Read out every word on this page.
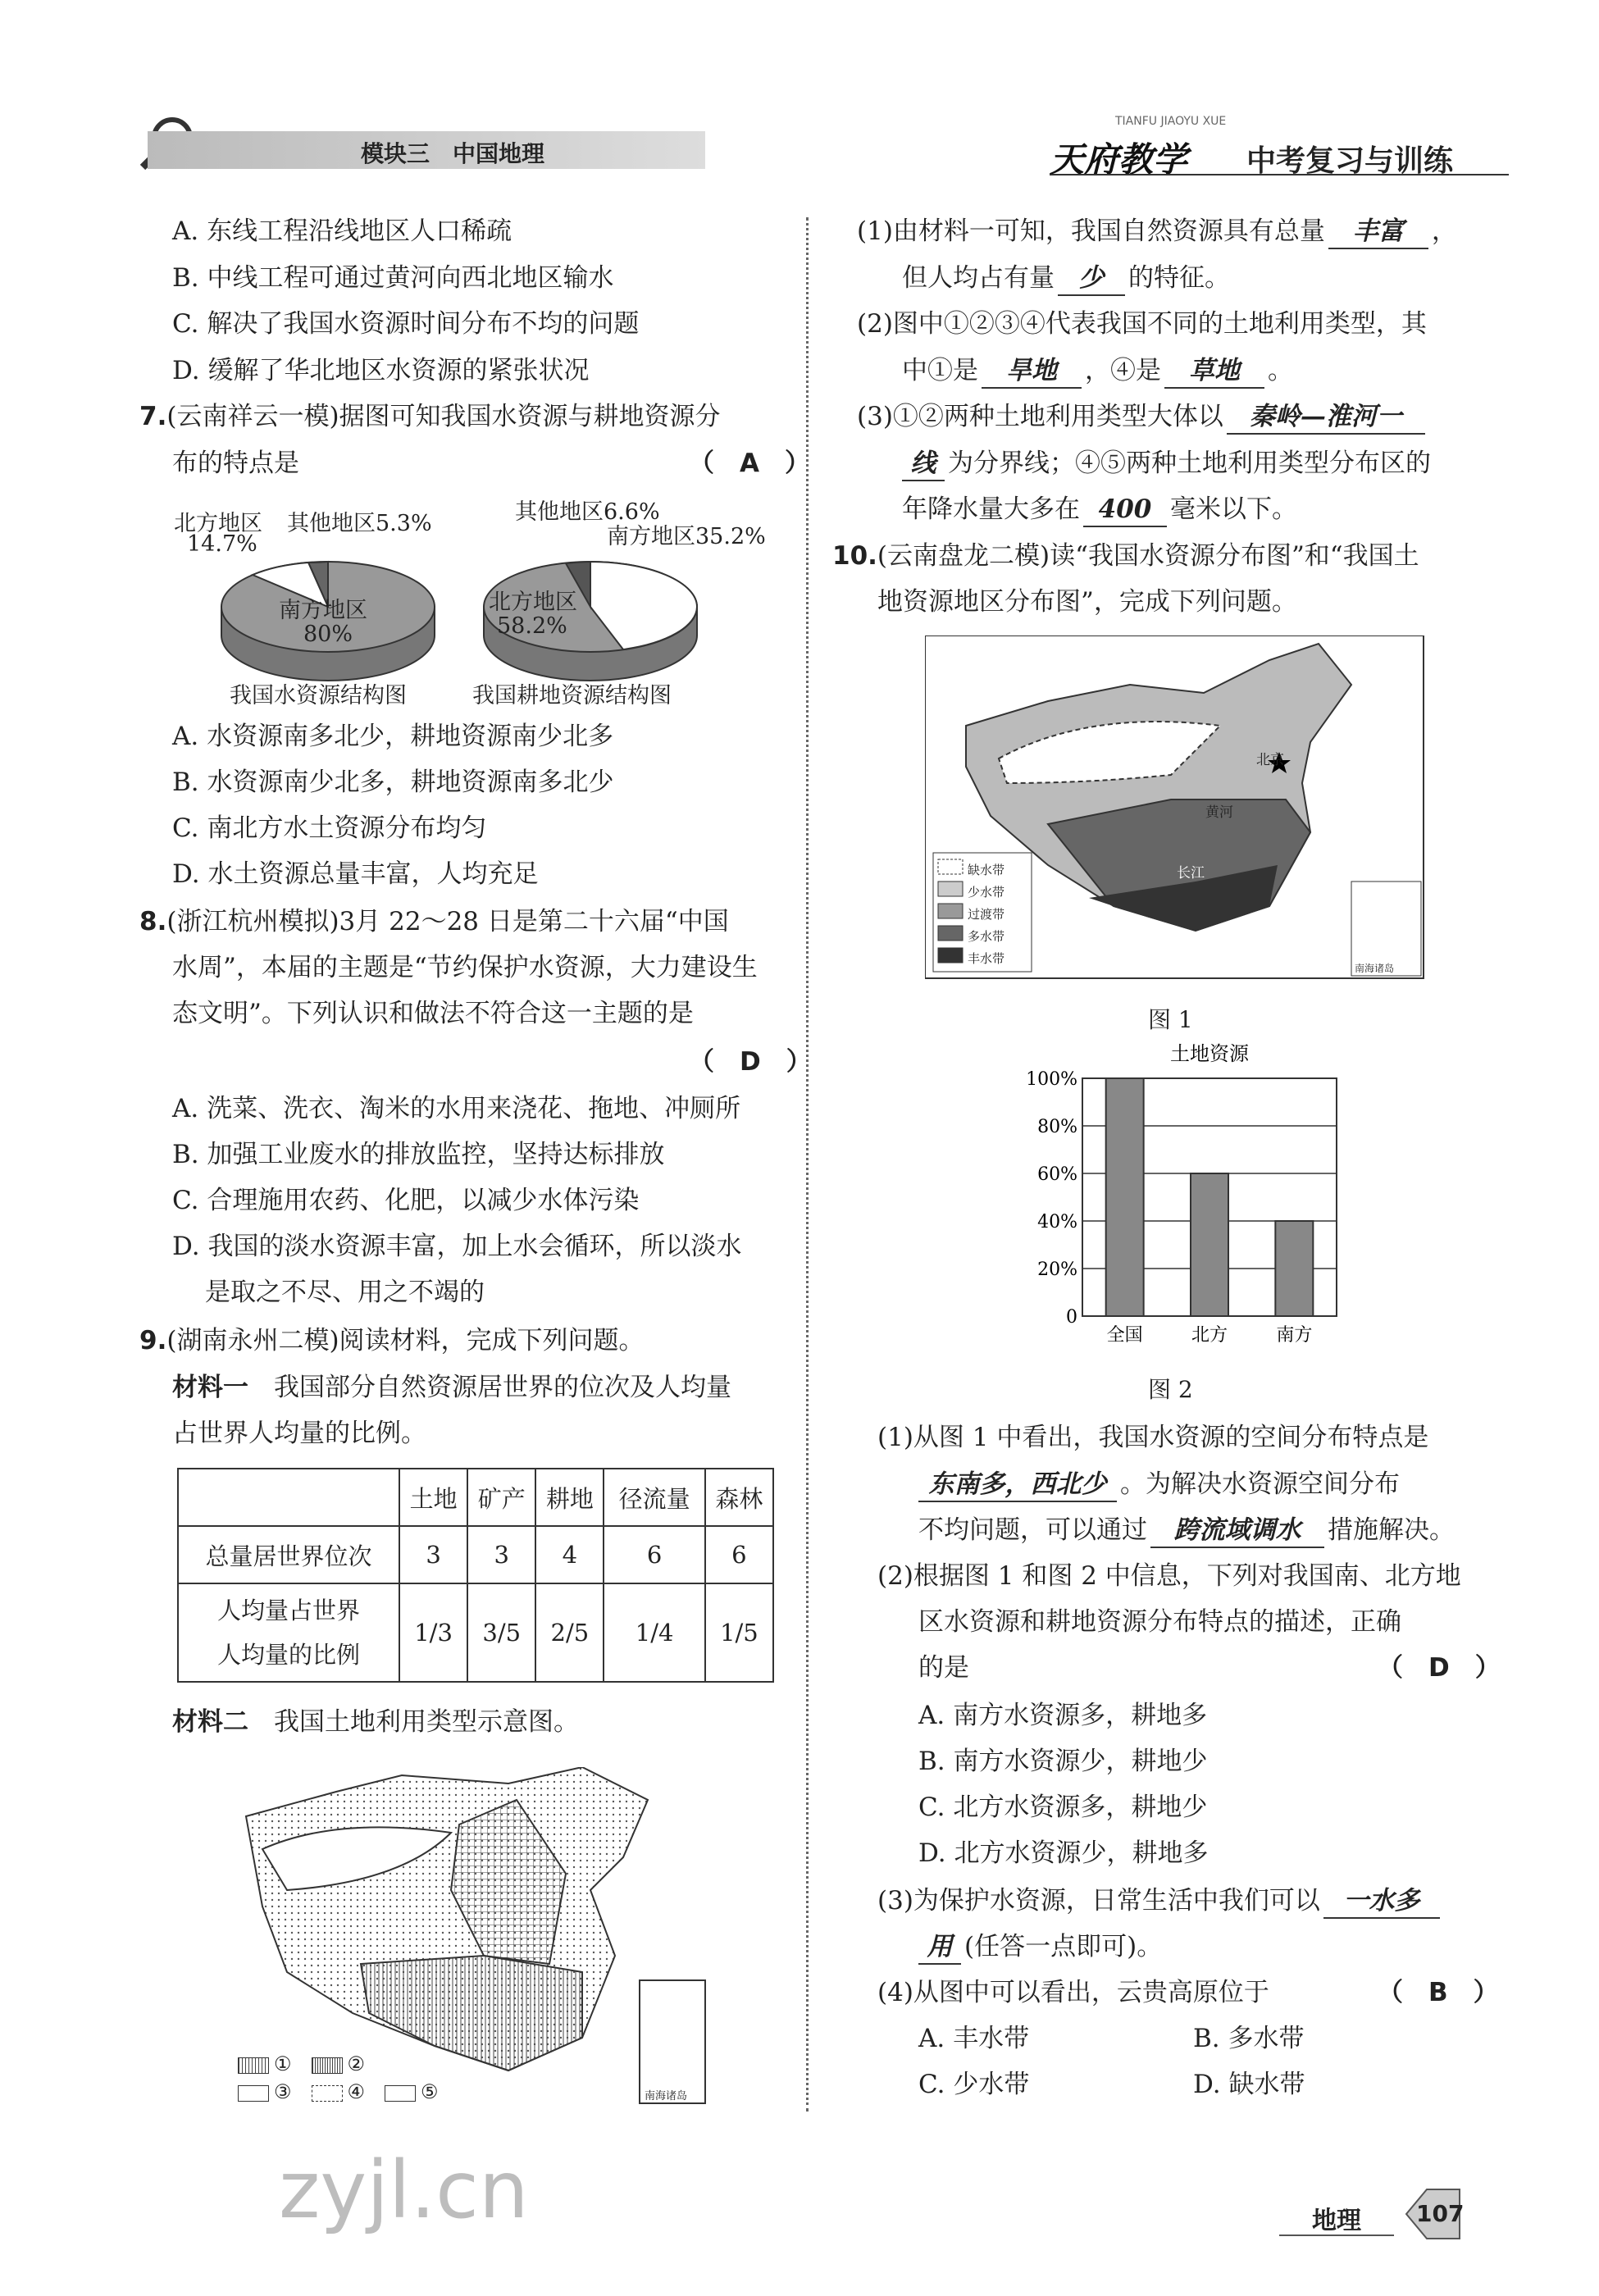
模块三　中国地理
TIANFU JIAOYU XUE
天府教学 中考复习与训练
A. 东线工程沿线地区人口稀疏
B. 中线工程可通过黄河向西北地区输水
C. 解决了我国水资源时间分布不均的问题
D. 缓解了华北地区水资源的紧张状况
7.(云南祥云一模)据图可知我国水资源与耕地资源分
布的特点是	（　A　）
北方地区
14.7%
其他地区5.3%
南方地区
80%
其他地区6.6%
南方地区35.2%
北方地区
58.2%
我国水资源结构图	我国耕地资源结构图
A. 水资源南多北少，耕地资源南少北多
B. 水资源南少北多，耕地资源南多北少
C. 南北方水土资源分布均匀
D. 水土资源总量丰富，人均充足
8.(浙江杭州模拟)3月 22～28 日是第二十六届“中国
水周”，本届的主题是“节约保护水资源，大力建设生
态文明”。下列认识和做法不符合这一主题的是
（　D　）
A. 洗菜、洗衣、淘米的水用来浇花、拖地、冲厕所
B. 加强工业废水的排放监控，坚持达标排放
C. 合理施用农药、化肥，以减少水体污染
D. 我国的淡水资源丰富，加上水会循环，所以淡水
是取之不尽、用之不竭的
9.(湖南永州二模)阅读材料，完成下列问题。
材料一　 我国部分自然资源居世界的位次及人均量
占世界人均量的比例。
	土地	矿产	耕地	径流量	森林
总量居世界位次	3	3	4	6	6
人均量占世界
人均量的比例	1/3	3/5	2/5	1/4	1/5
材料二　 我国土地利用类型示意图。
①　	②
③　	④　	⑤	南海诸岛
(1)由材料一可知，我国自然资源具有总量 丰富 ，
但人均占有量 少 的特征。
(2)图中①②③④代表我国不同的土地利用类型，其
中①是 旱地 ，④是 草地 。
(3)①②两种土地利用类型大体以 秦岭—淮河一
线 为分界线；④⑤两种土地利用类型分布区的
年降水量大多在 400 毫米以下。
10.(云南盘龙二模)读“我国水资源分布图”和“我国土
地资源地区分布图”，完成下列问题。
缺水带
少水带
过渡带
多水带
丰水带
北京
黄河
长江
南海诸岛
图 1
土地资源
0
20%
40%
60%
80%
100%
全国	北方	南方
图 2
(1)从图 1 中看出，我国水资源的空间分布特点是
东南多，西北少 。为解决水资源空间分布
不均问题，可以通过 跨流域调水 措施解决。
(2)根据图 1 和图 2 中信息，下列对我国南、北方地
区水资源和耕地资源分布特点的描述，正确
的是	（　D　）
A. 南方水资源多，耕地多
B. 南方水资源少，耕地少
C. 北方水资源多，耕地少
D. 北方水资源少，耕地多
(3)为保护水资源，日常生活中我们可以 一水多
用 (任答一点即可)。
(4)从图中可以看出，云贵高原位于	（　B　）
A. 丰水带	B. 多水带
C. 少水带	D. 缺水带
zyjl.cn	地理 107
